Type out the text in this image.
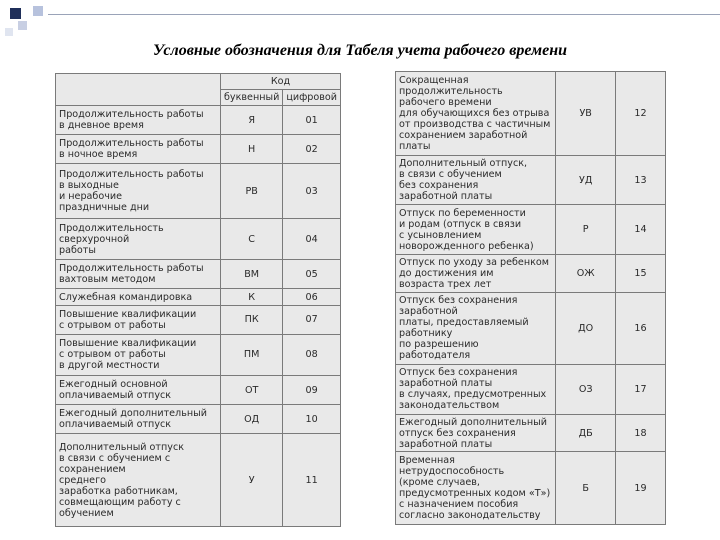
Условные обозначения для Табеля учета рабочего времени
	Код	
	буквенный	цифровой
Продолжительность работы
в дневное время	Я	01
Продолжительность работы
в ночное время	Н	02
Продолжительность работы
в выходные
и нерабочие
праздничные дни	РВ	03
Продолжительность сверхурочной
работы	С	04
Продолжительность работы
вахтовым методом	ВМ	05
Служебная командировка	К	06
Повышение квалификации
с отрывом от работы	ПК	07
Повышение квалификации
с отрывом от работы
в другой местности	ПМ	08
Ежегодный основной
оплачиваемый отпуск	ОТ	09
Ежегодный дополнительный
оплачиваемый отпуск	ОД	10
Дополнительный отпуск
в связи с обучением с сохранением
среднего
заработка работникам,
совмещающим работу с обучением	У	11
Сокращенная продолжительность
рабочего времени
для обучающихся без отрыва
от производства с частичным
сохранением заработной платы	УВ	12
Дополнительный отпуск,
в связи с обучением
без сохранения
заработной платы	УД	13
Отпуск по беременности
и родам (отпуск в связи
с усыновлением
новорожденного ребенка)	Р	14
Отпуск по уходу за ребенком
до достижения им
возраста трех лет	ОЖ	15
Отпуск без сохранения заработной
платы, предоставляемый
работнику
по разрешению работодателя	ДО	16
Отпуск без сохранения
заработной платы
в случаях, предусмотренных
законодательством	ОЗ	17
Ежегодный дополнительный
отпуск без сохранения
заработной платы	ДБ	18
Временная нетрудоспособность
(кроме случаев,
предусмотренных кодом «Т»)
с назначением пособия
согласно законодательству	Б	19
